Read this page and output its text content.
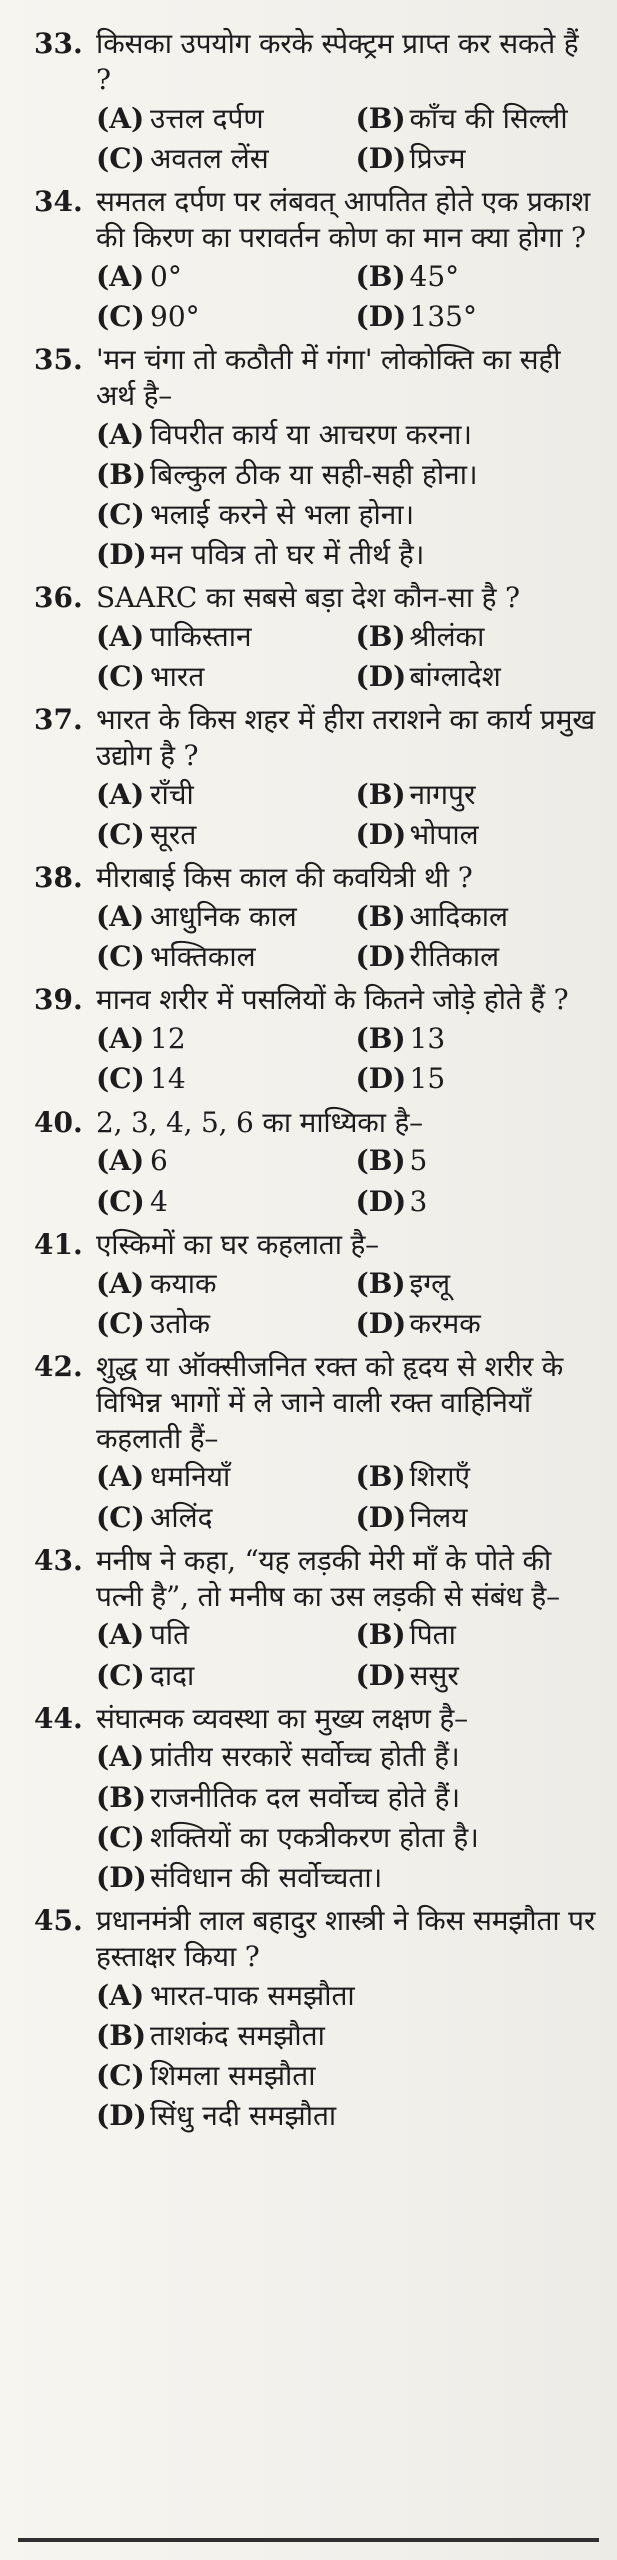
33. किसका उपयोग करके स्पेक्ट्रम प्राप्त कर सकते हैं ?
(A) उत्तल दर्पण	(B) काँच की सिल्ली
(C) अवतल लेंस	(D) प्रिज्म
34. समतल दर्पण पर लंबवत् आपतित होते एक प्रकाश की किरण का परावर्तन कोण का मान क्या होगा ?
(A) 0°	(B) 45°
(C) 90°	(D) 135°
35. 'मन चंगा तो कठौती में गंगा' लोकोक्ति का सही अर्थ है–
(A) विपरीत कार्य या आचरण करना।
(B) बिल्कुल ठीक या सही-सही होना।
(C) भलाई करने से भला होना।
(D) मन पवित्र तो घर में तीर्थ है।
36. SAARC का सबसे बड़ा देश कौन-सा है ?
(A) पाकिस्तान	(B) श्रीलंका
(C) भारत	(D) बांग्लादेश
37. भारत के किस शहर में हीरा तराशने का कार्य प्रमुख उद्योग है ?
(A) राँची	(B) नागपुर
(C) सूरत	(D) भोपाल
38. मीराबाई किस काल की कवयित्री थी ?
(A) आधुनिक काल	(B) आदिकाल
(C) भक्तिकाल	(D) रीतिकाल
39. मानव शरीर में पसलियों के कितने जोड़े होते हैं ?
(A) 12	(B) 13
(C) 14	(D) 15
40. 2, 3, 4, 5, 6 का माध्यिका है–
(A) 6	(B) 5
(C) 4	(D) 3
41. एस्किमों का घर कहलाता है–
(A) कयाक	(B) इग्लू
(C) उतोक	(D) करमक
42. शुद्ध या ऑक्सीजनित रक्त को हृदय से शरीर के विभिन्न भागों में ले जाने वाली रक्त वाहिनियाँ कहलाती हैं–
(A) धमनियाँ	(B) शिराएँ
(C) अलिंद	(D) निलय
43. मनीष ने कहा, “यह लड़की मेरी माँ के पोते की पत्नी है”, तो मनीष का उस लड़की से संबंध है–
(A) पति	(B) पिता
(C) दादा	(D) ससुर
44. संघात्मक व्यवस्था का मुख्य लक्षण है–
(A) प्रांतीय सरकारें सर्वोच्च होती हैं।
(B) राजनीतिक दल सर्वोच्च होते हैं।
(C) शक्तियों का एकत्रीकरण होता है।
(D) संविधान की सर्वोच्चता।
45. प्रधानमंत्री लाल बहादुर शास्त्री ने किस समझौता पर हस्ताक्षर किया ?
(A) भारत-पाक समझौता
(B) ताशकंद समझौता
(C) शिमला समझौता
(D) सिंधु नदी समझौता
